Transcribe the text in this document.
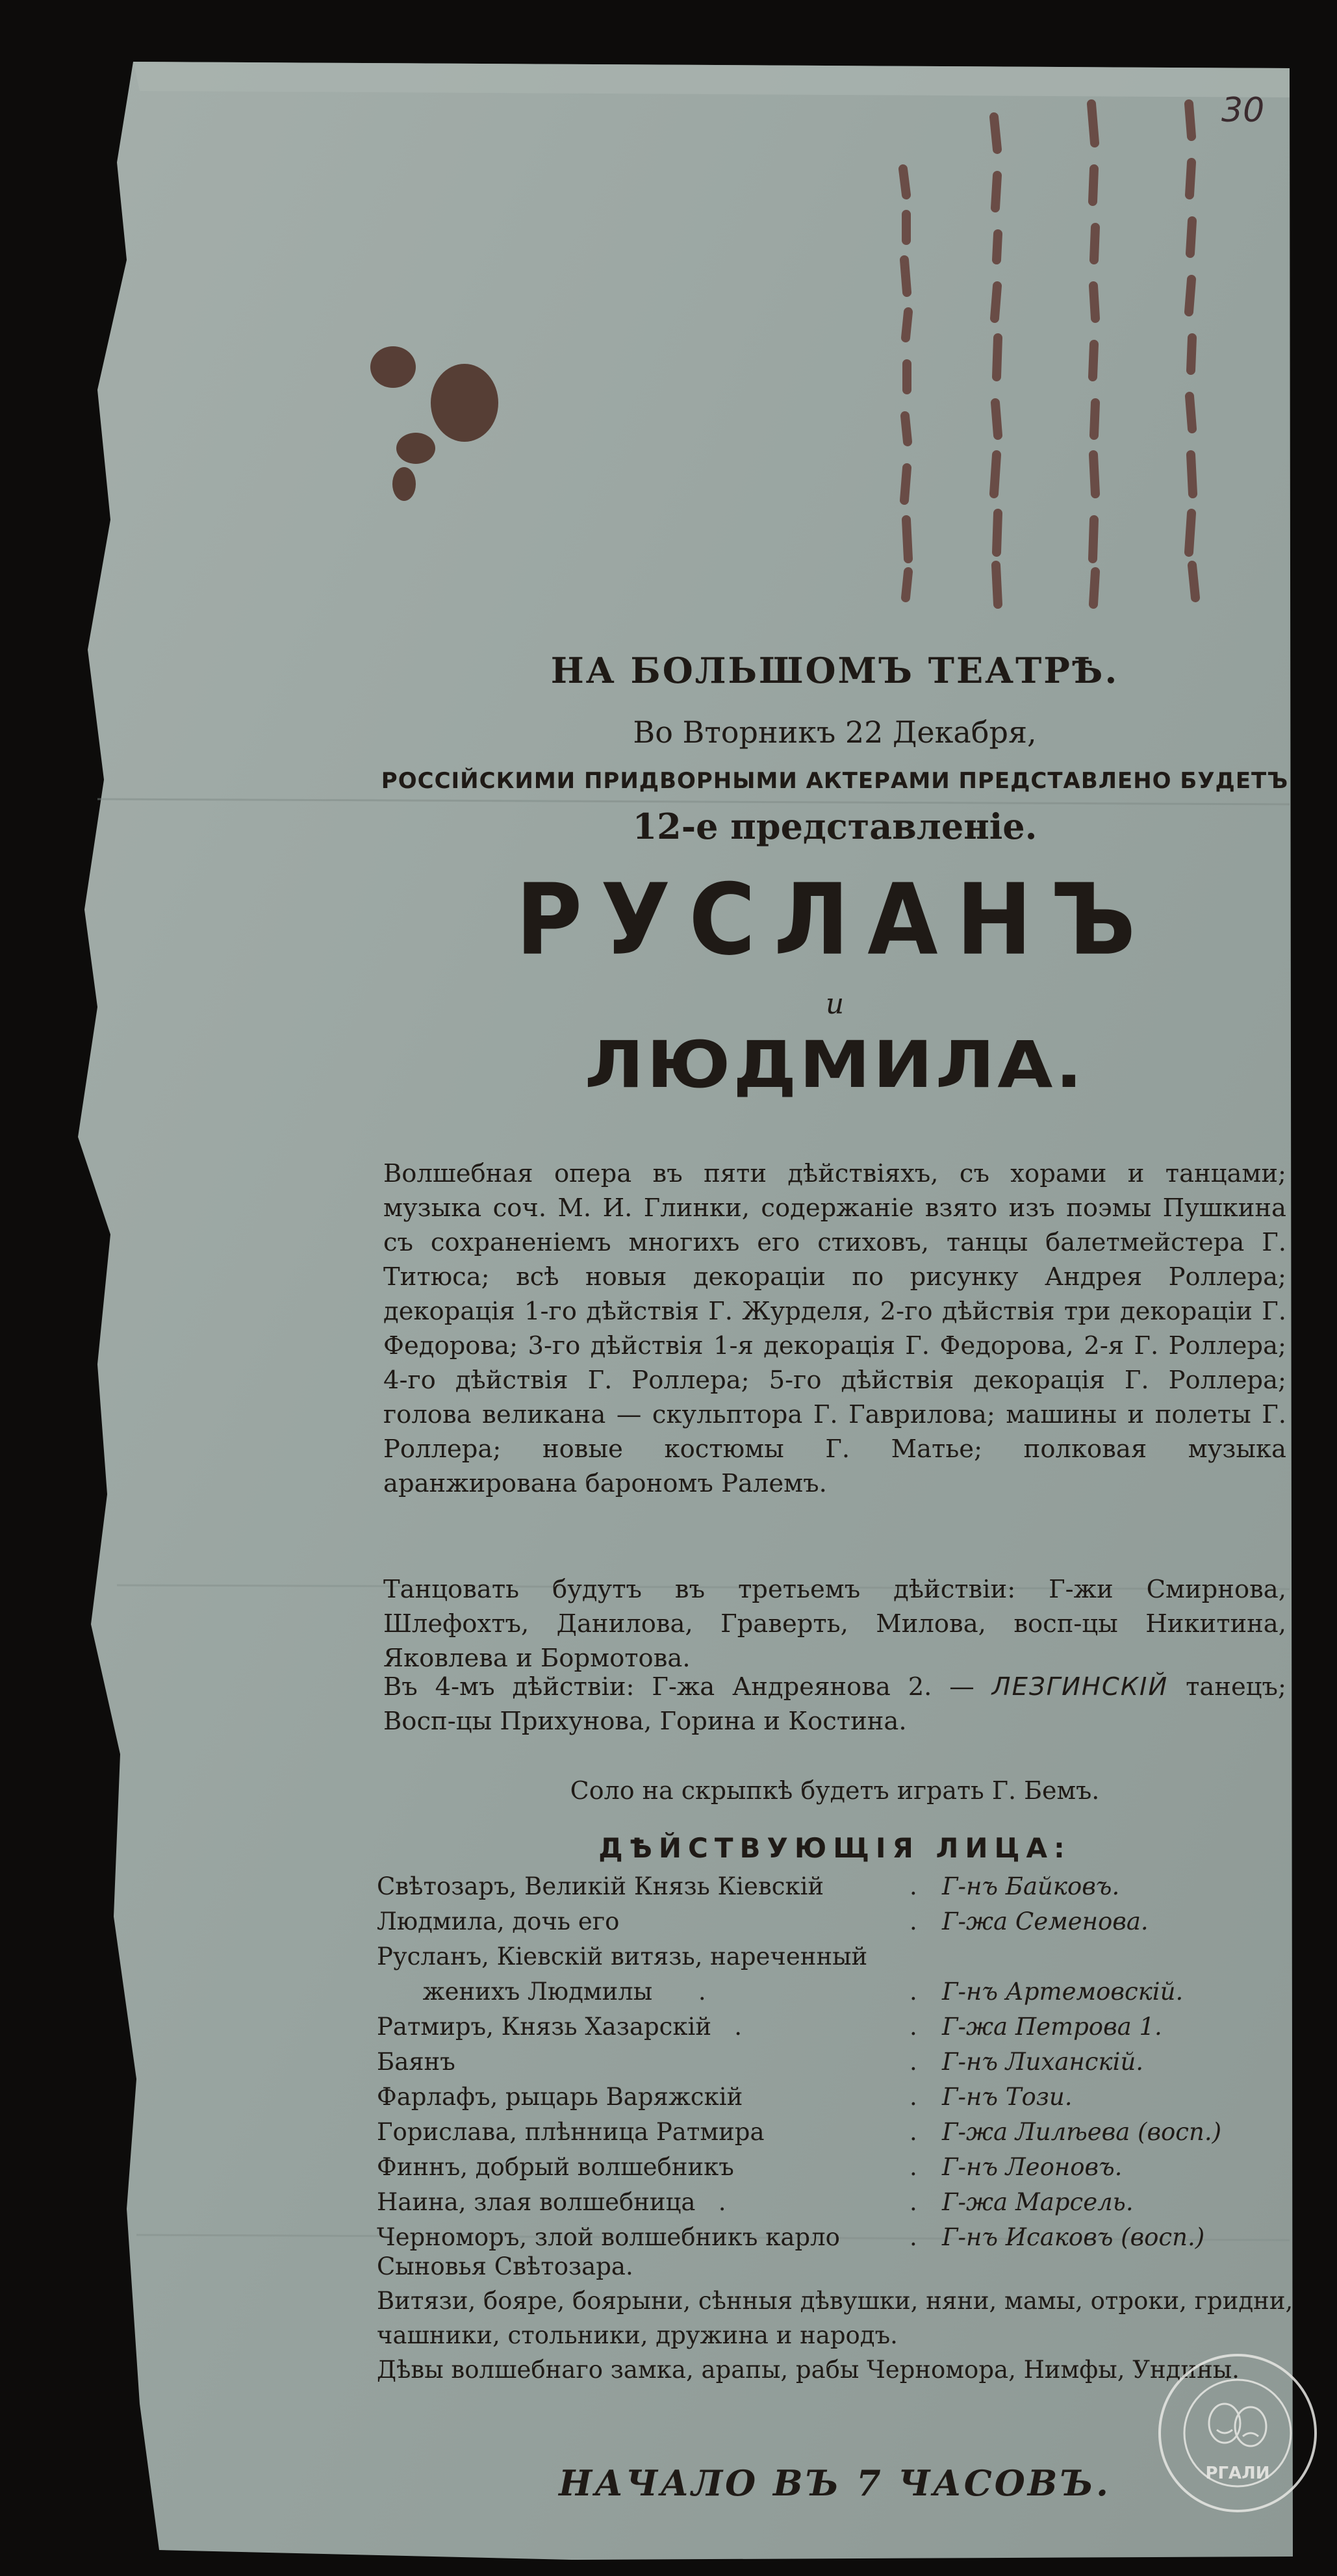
30
НА БОЛЬШОМЪ ТЕАТРѢ.
Во Вторникъ 22 Декабря,
РОССІЙСКИМИ ПРИДВОРНЫМИ АКТЕРАМИ ПРЕДСТАВЛЕНО БУДЕТЪ
12-е представленіе.
РУСЛАНЪ
и
ЛЮДМИЛА.
Волшебная опера въ пяти дѣйствіяхъ, съ хорами и танцами; музыка соч. М. И. Глинки, содержаніе взято изъ поэмы Пушкина съ сохраненіемъ многихъ его стиховъ, танцы балетмейстера Г. Титюса; всѣ новыя декораціи по рисунку Андрея Роллера; декорація 1-го дѣйствія Г. Журделя, 2-го дѣйствія три декораціи Г. Федорова; 3-го дѣйствія 1-я декорація Г. Федорова, 2-я Г. Роллера; 4-го дѣйствія Г. Роллера; 5-го дѣйствія декорація Г. Роллера; голова великана — скульптора Г. Гаврилова; машины и полеты Г. Роллера; новые костюмы Г. Матье; полковая музыка аранжирована барономъ Ралемъ.
Танцовать будутъ въ третьемъ дѣйствіи: Г-жи Смирнова, Шлефохтъ, Данилова, Граверть, Милова, восп-цы Никитина, Яковлева и Бормотова.
Въ 4-мъ дѣйствіи: Г-жа Андреянова 2. — ЛЕЗГИНСКІЙ танецъ; Восп-цы Прихунова, Горина и Костина.
Соло на скрыпкѣ будетъ играть Г. Бемъ.
ДѢЙСТВУЮЩІЯ ЛИЦА:
Свѣтозаръ, Великій Князь Кіевскій	. Г-нъ Байковъ.
Людмила, дочь его	. Г-жа Семенова.
Русланъ, Кіевскій витязь, нареченный
женихъ Людмилы      .	. Г-нъ Артемовскій.
Ратмиръ, Князь Хазарскій   .	. Г-жа Петрова 1.
Баянъ	. Г-нъ Лиханскій.
Фарлафъ, рыцарь Варяжскій	. Г-нъ Този.
Горислава, плѣнница Ратмира	. Г-жа Лилѣева (восп.)
Финнъ, добрый волшебникъ	. Г-нъ Леоновъ.
Наина, злая волшебница   .	. Г-жа Марсель.
Черноморъ, злой волшебникъ карло	. Г-нъ Исаковъ (восп.)
Сыновья Свѣтозара.
Витязи, бояре, боярыни, сѣнныя дѣвушки, няни, мамы, отроки, гридни, чашники, стольники, дружина и народъ.
Дѣвы волшебнаго замка, арапы, рабы Черномора, Нимфы, Ундины.
НАЧАЛО ВЪ 7 ЧАСОВЪ.	РГАЛИ
